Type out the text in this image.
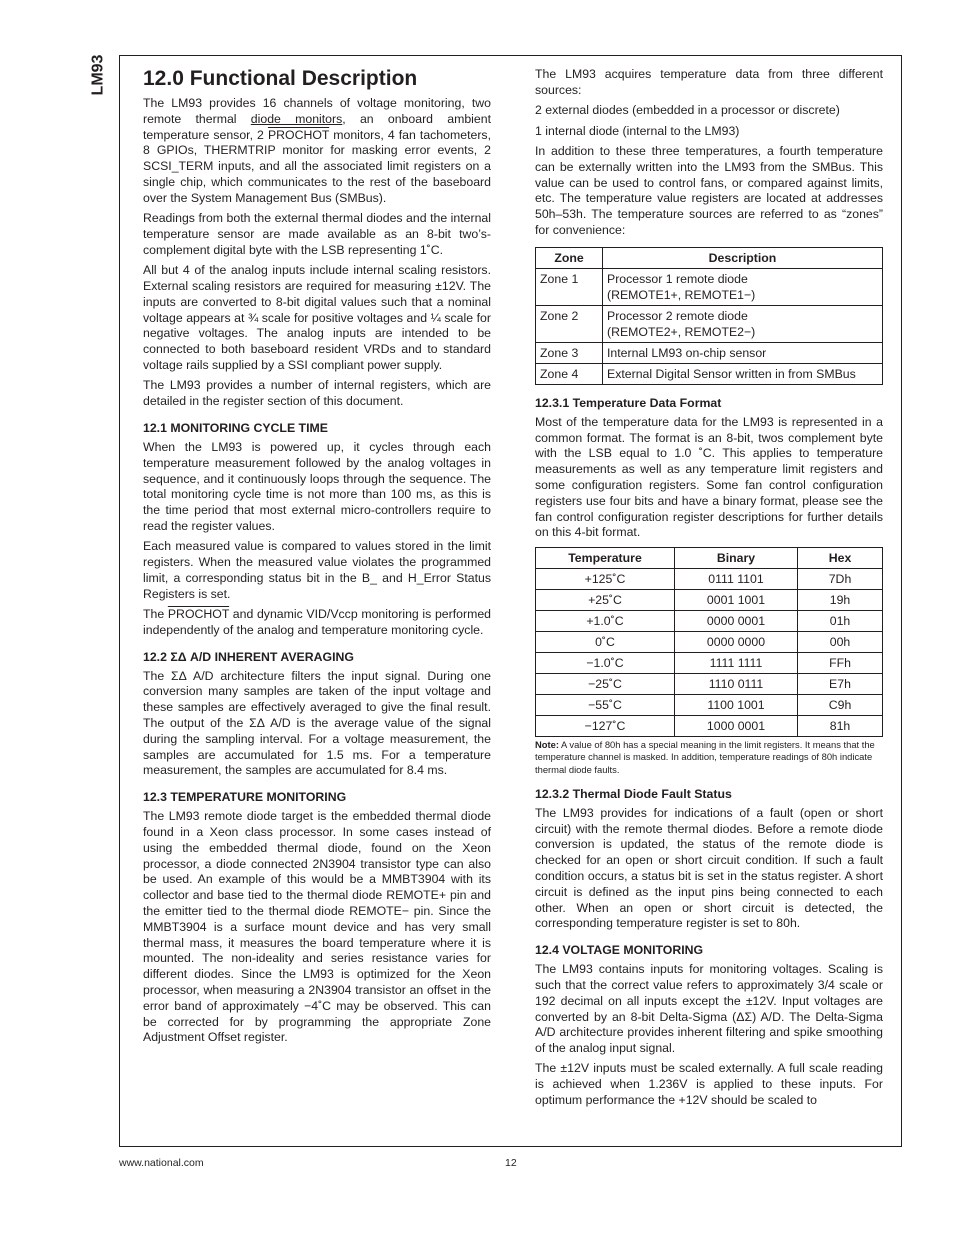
LM93 12.0 Functional Description

The LM93 provides 16 channels of voltage monitoring, two remote thermal diode monitors, an onboard ambient temperature sensor, 2 PROCHOT monitors, 4 fan tachometers, 8 GPIOs, THERMTRIP monitor for masking error events, 2 SCSI_TERM inputs, and all the associated limit registers on a single chip, which communicates to the rest of the baseboard over the System Management Bus (SMBus).

Readings from both the external thermal diodes and the internal temperature sensor are made available as an 8-bit two’s-complement digital byte with the LSB representing 1˚C.

All but 4 of the analog inputs include internal scaling resistors. External scaling resistors are required for measuring ±12V. The inputs are converted to 8-bit digital values such that a nominal voltage appears at ¾ scale for positive voltages and ¼ scale for negative voltages. The analog inputs are intended to be connected to both baseboard resident VRDs and to standard voltage rails supplied by a SSI compliant power supply.

The LM93 provides a number of internal registers, which are detailed in the register section of this document.

12.1 MONITORING CYCLE TIME

When the LM93 is powered up, it cycles through each temperature measurement followed by the analog voltages in sequence, and it continuously loops through the sequence. The total monitoring cycle time is not more than 100 ms, as this is the time period that most external micro-controllers require to read the register values.

Each measured value is compared to values stored in the limit registers. When the measured value violates the programmed limit, a corresponding status bit in the B_ and H_Error Status Registers is set.

The PROCHOT and dynamic VID/Vccp monitoring is performed independently of the analog and temperature monitoring cycle.

12.2 ΣΔ A/D INHERENT AVERAGING

The ΣΔ A/D architecture filters the input signal. During one conversion many samples are taken of the input voltage and these samples are effectively averaged to give the final result. The output of the ΣΔ A/D is the average value of the signal during the sampling interval. For a voltage measurement, the samples are accumulated for 1.5 ms. For a temperature measurement, the samples are accumulated for 8.4 ms.

12.3 TEMPERATURE MONITORING

The LM93 remote diode target is the embedded thermal diode found in a Xeon class processor. In some cases instead of using the embedded thermal diode, found on the Xeon processor, a diode connected 2N3904 transistor type can also be used. An example of this would be a MMBT3904 with its collector and base tied to the thermal diode REMOTE+ pin and the emitter tied to the thermal diode REMOTE− pin. Since the MMBT3904 is a surface mount device and has very small thermal mass, it measures the board temperature where it is mounted. The non-ideality and series resistance varies for different diodes. Since the LM93 is optimized for the Xeon processor, when measuring a 2N3904 transistor an offset in the error band of approximately −4˚C may be observed. This can be corrected for by programming the appropriate Zone Adjustment Offset register.

The LM93 acquires temperature data from three different sources:

2 external diodes (embedded in a processor or discrete)

1 internal diode (internal to the LM93)

In addition to these three temperatures, a fourth temperature can be externally written into the LM93 from the SMBus. This value can be used to control fans, or compared against limits, etc. The temperature value registers are located at addresses 50h–53h. The temperature sources are referred to as “zones” for convenience:

Zone	Description
Zone 1	Processor 1 remote diode
(REMOTE1+, REMOTE1−)

Zone 2	Processor 2 remote diode
(REMOTE2+, REMOTE2−)

Zone 3	Internal LM93 on-chip sensor
Zone 4	External Digital Sensor written in from SMBus
12.3.1 Temperature Data Format

Most of the temperature data for the LM93 is represented in a common format. The format is an 8-bit, twos complement byte with the LSB equal to 1.0 ˚C. This applies to temperature measurements as well as any temperature limit registers and some configuration registers. Some fan control configuration registers use four bits and have a binary format, please see the fan control configuration register descriptions for further details on this 4-bit format.

Temperature	Binary	Hex
+125˚C	0111 1101	7Dh
+25˚C	0001 1001	19h
+1.0˚C	0000 0001	01h
0˚C	0000 0000	00h
−1.0˚C	1111 1111	FFh
−25˚C	1110 0111	E7h
−55˚C	1100 1001	C9h
−127˚C	1000 0001	81h
Note: A value of 80h has a special meaning in the limit registers. It means that the temperature channel is masked. In addition, temperature readings of 80h indicate thermal diode faults.
12.3.2 Thermal Diode Fault Status

The LM93 provides for indications of a fault (open or short circuit) with the remote thermal diodes. Before a remote diode conversion is updated, the status of the remote diode is checked for an open or short circuit condition. If such a fault condition occurs, a status bit is set in the status register. A short circuit is defined as the input pins being connected to each other. When an open or short circuit is detected, the corresponding temperature register is set to 80h.

12.4 VOLTAGE MONITORING

The LM93 contains inputs for monitoring voltages. Scaling is such that the correct value refers to approximately 3/4 scale or 192 decimal on all inputs except the ±12V. Input voltages are converted by an 8-bit Delta-Sigma (ΔΣ) A/D. The Delta-Sigma A/D architecture provides inherent filtering and spike smoothing of the analog input signal.

The ±12V inputs must be scaled externally. A full scale reading is achieved when 1.236V is applied to these inputs. For optimum performance the +12V should be scaled to

www.national.com	12
